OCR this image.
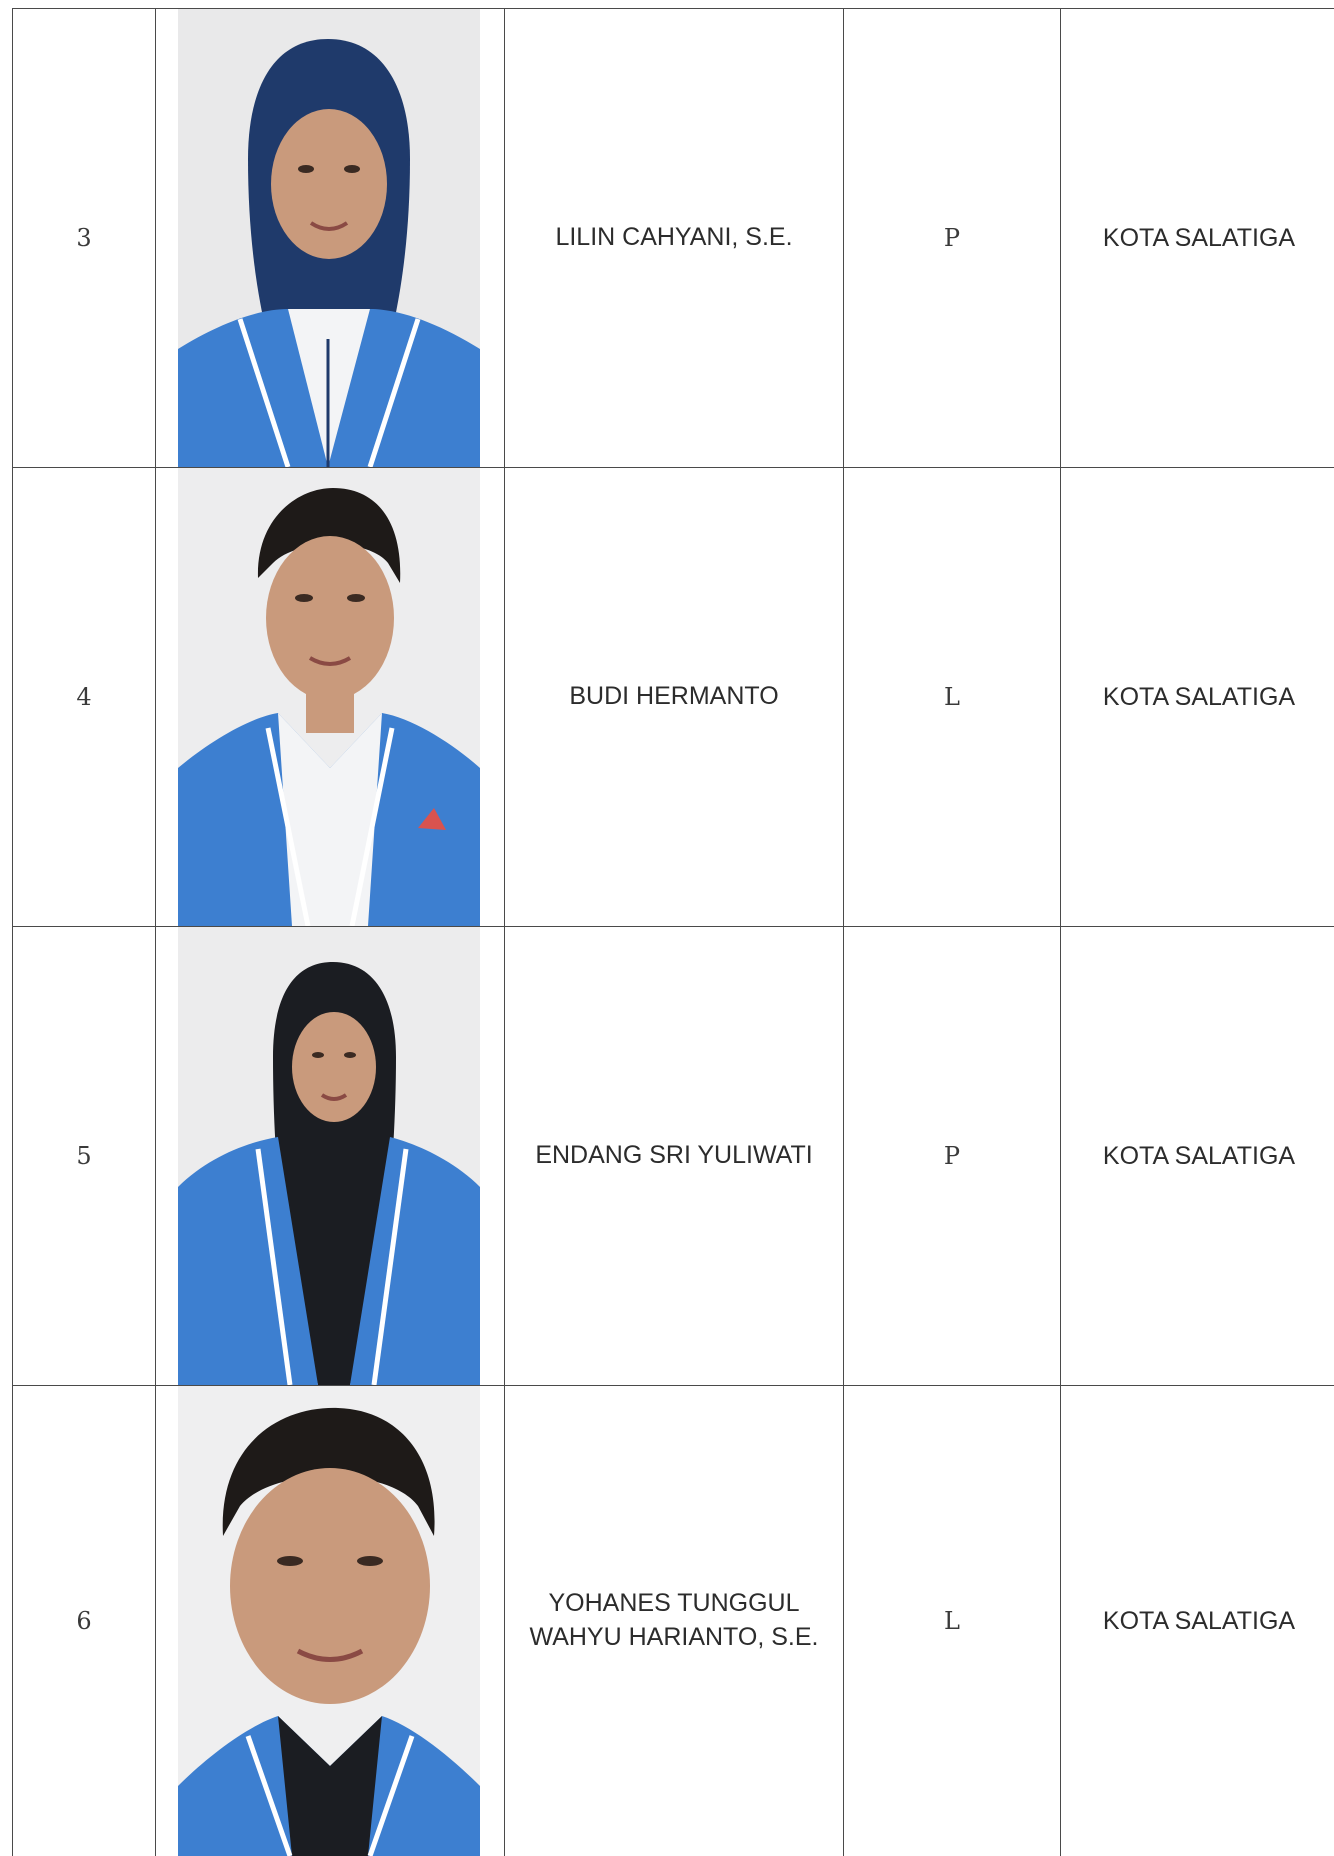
3		LILIN CAHYANI, S.E.	P	KOTA SALATIGA
4		BUDI HERMANTO	L	KOTA SALATIGA
5		ENDANG SRI YULIWATI	P	KOTA SALATIGA
6		YOHANES TUNGGUL WAHYU HARIANTO, S.E.	L	KOTA SALATIGA
